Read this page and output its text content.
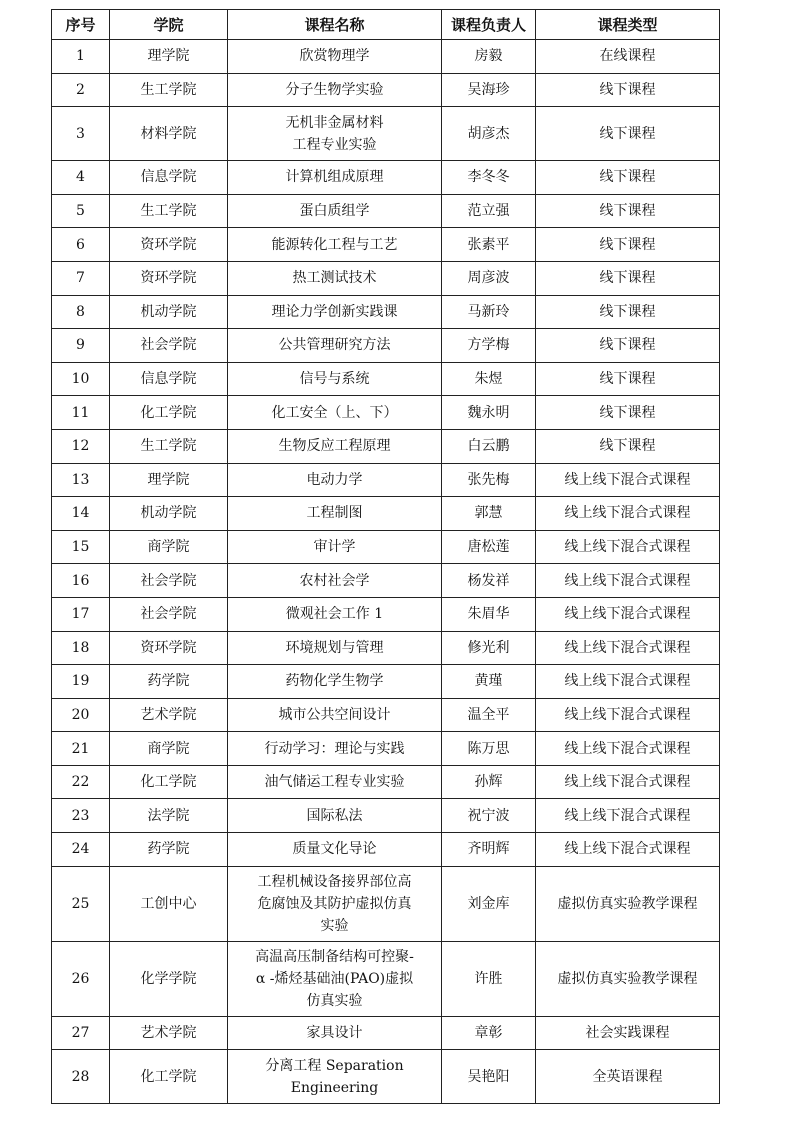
序号	学院	课程名称	课程负责人	课程类型
1	理学院	欣赏物理学	房毅	在线课程
2	生工学院	分子生物学实验	吴海珍	线下课程
3	材料学院	无机非金属材料
工程专业实验	胡彦杰	线下课程
4	信息学院	计算机组成原理	李冬冬	线下课程
5	生工学院	蛋白质组学	范立强	线下课程
6	资环学院	能源转化工程与工艺	张素平	线下课程
7	资环学院	热工测试技术	周彦波	线下课程
8	机动学院	理论力学创新实践课	马新玲	线下课程
9	社会学院	公共管理研究方法	方学梅	线下课程
10	信息学院	信号与系统	朱煜	线下课程
11	化工学院	化工安全（上、下）	魏永明	线下课程
12	生工学院	生物反应工程原理	白云鹏	线下课程
13	理学院	电动力学	张先梅	线上线下混合式课程
14	机动学院	工程制图	郭慧	线上线下混合式课程
15	商学院	审计学	唐松莲	线上线下混合式课程
16	社会学院	农村社会学	杨发祥	线上线下混合式课程
17	社会学院	微观社会工作 1	朱眉华	线上线下混合式课程
18	资环学院	环境规划与管理	修光利	线上线下混合式课程
19	药学院	药物化学生物学	黄瑾	线上线下混合式课程
20	艺术学院	城市公共空间设计	温全平	线上线下混合式课程
21	商学院	行动学习：理论与实践	陈万思	线上线下混合式课程
22	化工学院	油气储运工程专业实验	孙辉	线上线下混合式课程
23	法学院	国际私法	祝宁波	线上线下混合式课程
24	药学院	质量文化导论	齐明辉	线上线下混合式课程
25	工创中心	工程机械设备接界部位高
危腐蚀及其防护虚拟仿真
实验	刘金库	虚拟仿真实验教学课程
26	化学学院	高温高压制备结构可控聚-
α -烯烃基础油(PAO)虚拟
仿真实验	许胜	虚拟仿真实验教学课程
27	艺术学院	家具设计	章彰	社会实践课程
28	化工学院	分离工程 Separation
Engineering	吴艳阳	全英语课程
